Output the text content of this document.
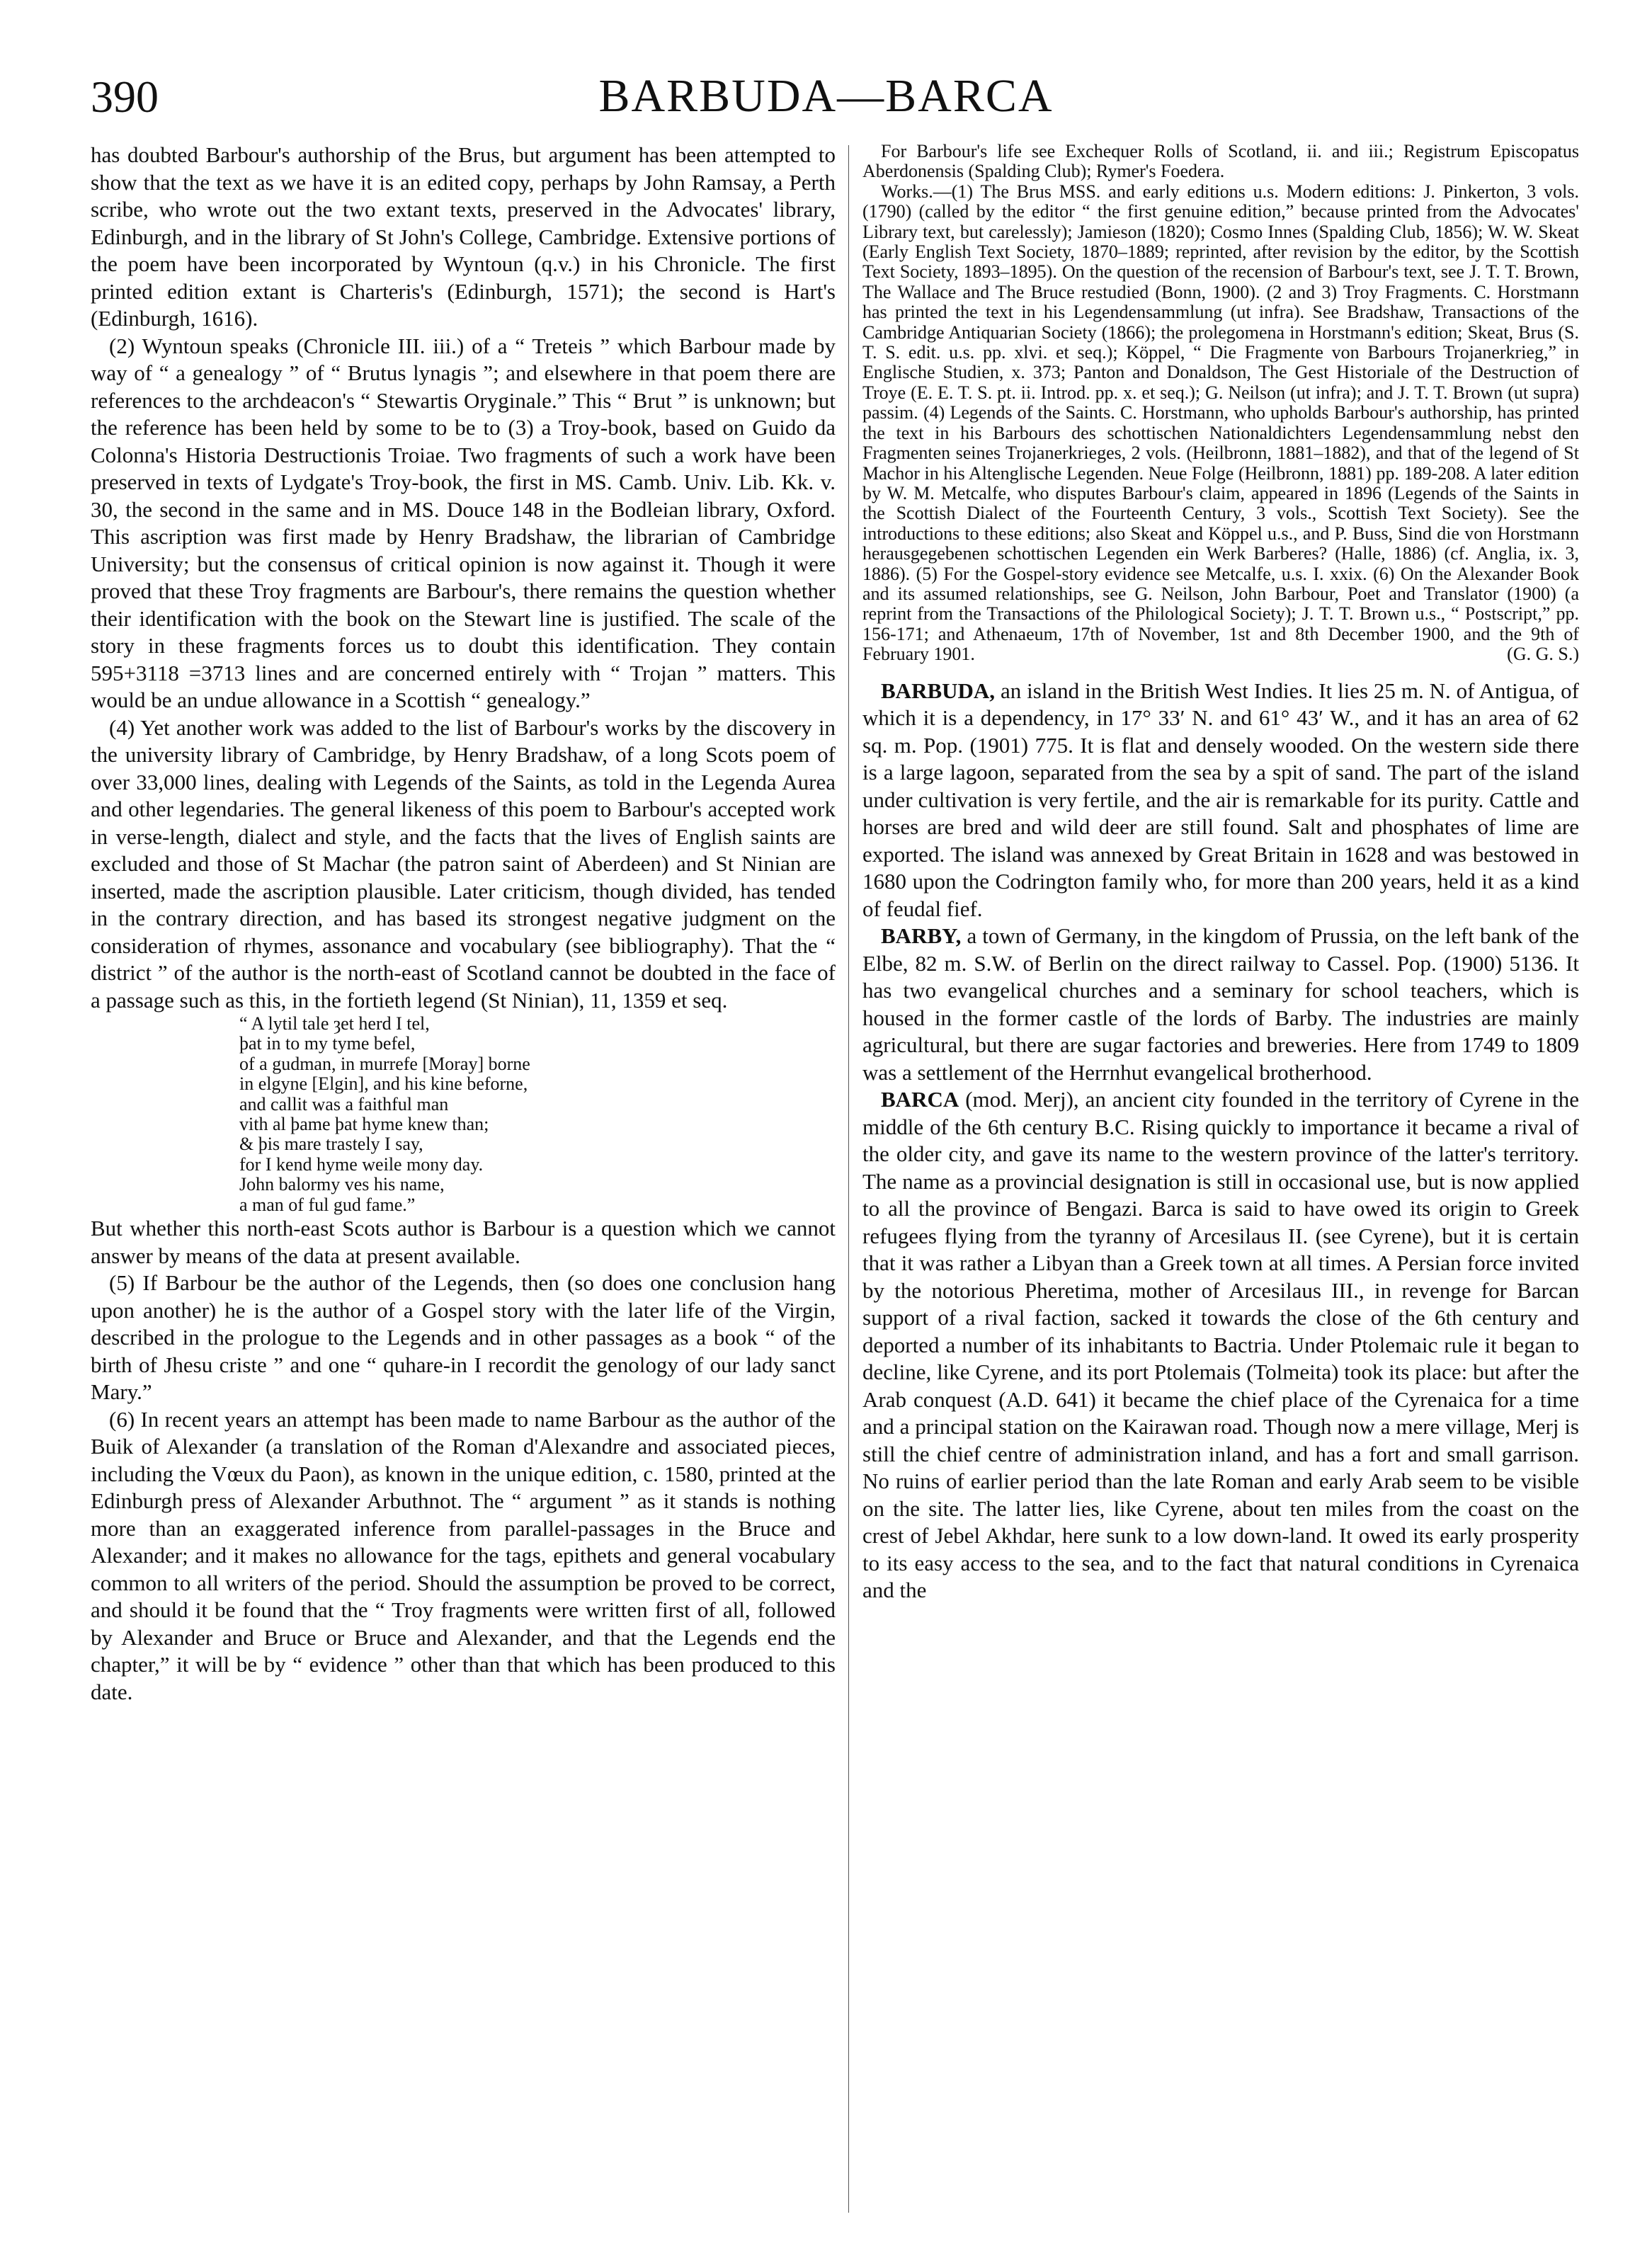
390	BARBUDA—BARCA

has doubted Barbour's authorship of the Brus, but argument has been attempted to show that the text as we have it is an edited copy, perhaps by John Ramsay, a Perth scribe, who wrote out the two extant texts, preserved in the Advocates' library, Edinburgh, and in the library of St John's College, Cambridge. Extensive portions of the poem have been incorporated by Wyntoun (q.v.) in his Chronicle. The first printed edition extant is Charteris's (Edinburgh, 1571); the second is Hart's (Edinburgh, 1616).

(2) Wyntoun speaks (Chronicle III. iii.) of a “ Treteis ” which Barbour made by way of “ a genealogy ” of “ Brutus lynagis ”; and elsewhere in that poem there are references to the archdeacon's “ Stewartis Oryginale.” This “ Brut ” is unknown; but the reference has been held by some to be to (3) a Troy-book, based on Guido da Colonna's Historia Destructionis Troiae. Two fragments of such a work have been preserved in texts of Lydgate's Troy-book, the first in MS. Camb. Univ. Lib. Kk. v. 30, the second in the same and in MS. Douce 148 in the Bodleian library, Oxford. This ascription was first made by Henry Bradshaw, the librarian of Cambridge University; but the consensus of critical opinion is now against it. Though it were proved that these Troy fragments are Barbour's, there remains the question whether their identification with the book on the Stewart line is justified. The scale of the story in these fragments forces us to doubt this identification. They contain 595+3118 =3713 lines and are concerned entirely with “ Trojan ” matters. This would be an undue allowance in a Scottish “ genealogy.”

(4) Yet another work was added to the list of Barbour's works by the discovery in the university library of Cambridge, by Henry Bradshaw, of a long Scots poem of over 33,000 lines, dealing with Legends of the Saints, as told in the Legenda Aurea and other legendaries. The general likeness of this poem to Barbour's accepted work in verse-length, dialect and style, and the facts that the lives of English saints are excluded and those of St Machar (the patron saint of Aberdeen) and St Ninian are inserted, made the ascription plausible. Later criticism, though divided, has tended in the contrary direction, and has based its strongest negative judgment on the consideration of rhymes, assonance and vocabulary (see bibliography). That the “ district ” of the author is the north-east of Scotland cannot be doubted in the face of a passage such as this, in the fortieth legend (St Ninian), 11, 1359 et seq.

“ A lytil tale ȝet herd I tel,
þat in to my tyme befel,
of a gudman, in murrefe [Moray] borne
in elgyne [Elgin], and his kine beforne,
and callit was a faithful man
vith al þame þat hyme knew than;
& þis mare trastely I say,
for I kend hyme weile mony day.
John balormy ves his name,
a man of ful gud fame.”

But whether this north-east Scots author is Barbour is a question which we cannot answer by means of the data at present available.

(5) If Barbour be the author of the Legends, then (so does one conclusion hang upon another) he is the author of a Gospel story with the later life of the Virgin, described in the prologue to the Legends and in other passages as a book “ of the birth of Jhesu criste ” and one “ quhare-in I recordit the genology of our lady sanct Mary.”

(6) In recent years an attempt has been made to name Barbour as the author of the Buik of Alexander (a translation of the Roman d'Alexandre and associated pieces, including the Vœux du Paon), as known in the unique edition, c. 1580, printed at the Edinburgh press of Alexander Arbuthnot. The “ argument ” as it stands is nothing more than an exaggerated inference from parallel-passages in the Bruce and Alexander; and it makes no allowance for the tags, epithets and general vocabulary common to all writers of the period. Should the assumption be proved to be correct, and should it be found that the “ Troy fragments were written first of all, followed by Alexander and Bruce or Bruce and Alexander, and that the Legends end the chapter,” it will be by “ evidence ” other than that which has been produced to this date.

For Barbour's life see Exchequer Rolls of Scotland, ii. and iii.; Registrum Episcopatus Aberdonensis (Spalding Club); Rymer's Foedera.

Works.—(1) The Brus MSS. and early editions u.s. Modern editions: J. Pinkerton, 3 vols. (1790) (called by the editor “ the first genuine edition,” because printed from the Advocates' Library text, but carelessly); Jamieson (1820); Cosmo Innes (Spalding Club, 1856); W. W. Skeat (Early English Text Society, 1870–1889; reprinted, after revision by the editor, by the Scottish Text Society, 1893–1895). On the question of the recension of Barbour's text, see J. T. T. Brown, The Wallace and The Bruce restudied (Bonn, 1900). (2 and 3) Troy Fragments. C. Horstmann has printed the text in his Legendensammlung (ut infra). See Bradshaw, Transactions of the Cambridge Antiquarian Society (1866); the prolegomena in Horstmann's edition; Skeat, Brus (S. T. S. edit. u.s. pp. xlvi. et seq.); Köppel, “ Die Fragmente von Barbours Trojanerkrieg,” in Englische Studien, x. 373; Panton and Donaldson, The Gest Historiale of the Destruction of Troye (E. E. T. S. pt. ii. Introd. pp. x. et seq.); G. Neilson (ut infra); and J. T. T. Brown (ut supra) passim. (4) Legends of the Saints. C. Horstmann, who upholds Barbour's authorship, has printed the text in his Barbours des schottischen Nationaldichters Legendensammlung nebst den Fragmenten seines Trojanerkrieges, 2 vols. (Heilbronn, 1881–1882), and that of the legend of St Machor in his Altenglische Legenden. Neue Folge (Heilbronn, 1881) pp. 189-208. A later edition by W. M. Metcalfe, who disputes Barbour's claim, appeared in 1896 (Legends of the Saints in the Scottish Dialect of the Fourteenth Century, 3 vols., Scottish Text Society). See the introductions to these editions; also Skeat and Köppel u.s., and P. Buss, Sind die von Horstmann herausgegebenen schottischen Legenden ein Werk Barberes? (Halle, 1886) (cf. Anglia, ix. 3, 1886). (5) For the Gospel-story evidence see Metcalfe, u.s. I. xxix. (6) On the Alexander Book and its assumed relationships, see G. Neilson, John Barbour, Poet and Translator (1900) (a reprint from the Transactions of the Philological Society); J. T. T. Brown u.s., “ Postscript,” pp. 156-171; and Athenaeum, 17th of November, 1st and 8th December 1900, and the 9th of February 1901.	(G. G. S.)

BARBUDA, an island in the British West Indies. It lies 25 m. N. of Antigua, of which it is a dependency, in 17° 33′ N. and 61° 43′ W., and it has an area of 62 sq. m. Pop. (1901) 775. It is flat and densely wooded. On the western side there is a large lagoon, separated from the sea by a spit of sand. The part of the island under cultivation is very fertile, and the air is remarkable for its purity. Cattle and horses are bred and wild deer are still found. Salt and phosphates of lime are exported. The island was annexed by Great Britain in 1628 and was bestowed in 1680 upon the Codrington family who, for more than 200 years, held it as a kind of feudal fief.

BARBY, a town of Germany, in the kingdom of Prussia, on the left bank of the Elbe, 82 m. S.W. of Berlin on the direct railway to Cassel. Pop. (1900) 5136. It has two evangelical churches and a seminary for school teachers, which is housed in the former castle of the lords of Barby. The industries are mainly agricultural, but there are sugar factories and breweries. Here from 1749 to 1809 was a settlement of the Herrnhut evangelical brotherhood.

BARCA (mod. Merj), an ancient city founded in the territory of Cyrene in the middle of the 6th century B.C. Rising quickly to importance it became a rival of the older city, and gave its name to the western province of the latter's territory. The name as a provincial designation is still in occasional use, but is now applied to all the province of Bengazi. Barca is said to have owed its origin to Greek refugees flying from the tyranny of Arcesilaus II. (see Cyrene), but it is certain that it was rather a Libyan than a Greek town at all times. A Persian force invited by the notorious Pheretima, mother of Arcesilaus III., in revenge for Barcan support of a rival faction, sacked it towards the close of the 6th century and deported a number of its inhabitants to Bactria. Under Ptolemaic rule it began to decline, like Cyrene, and its port Ptolemais (Tolmeita) took its place: but after the Arab conquest (A.D. 641) it became the chief place of the Cyrenaica for a time and a principal station on the Kairawan road. Though now a mere village, Merj is still the chief centre of administration inland, and has a fort and small garrison. No ruins of earlier period than the late Roman and early Arab seem to be visible on the site. The latter lies, like Cyrene, about ten miles from the coast on the crest of Jebel Akhdar, here sunk to a low down-land. It owed its early prosperity to its easy access to the sea, and to the fact that natural conditions in Cyrenaica and the
